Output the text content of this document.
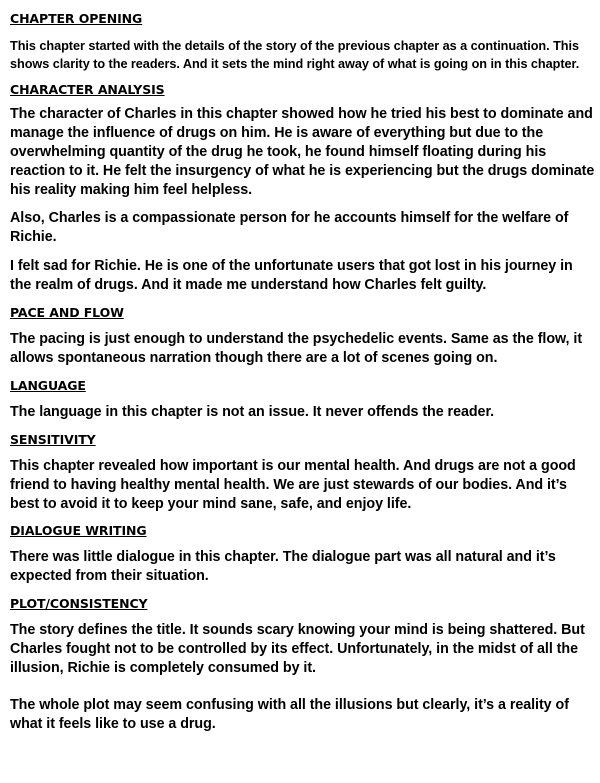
CHAPTER OPENING

This chapter started with the details of the story of the previous chapter as a continuation. This shows clarity to the readers. And it sets the mind right away of what is going on in this chapter.

CHARACTER ANALYSIS

The character of Charles in this chapter showed how he tried his best to dominate and manage the influence of drugs on him. He is aware of everything but due to the overwhelming quantity of the drug he took, he found himself floating during his reaction to it. He felt the insurgency of what he is experiencing but the drugs dominate his reality making him feel helpless.

Also, Charles is a compassionate person for he accounts himself for the welfare of Richie.

I felt sad for Richie. He is one of the unfortunate users that got lost in his journey in the realm of drugs. And it made me understand how Charles felt guilty.

PACE AND FLOW

The pacing is just enough to understand the psychedelic events. Same as the flow, it allows spontaneous narration though there are a lot of scenes going on.

LANGUAGE

The language in this chapter is not an issue. It never offends the reader.

SENSITIVITY

This chapter revealed how important is our mental health. And drugs are not a good friend to having healthy mental health. We are just stewards of our bodies. And it’s best to avoid it to keep your mind sane, safe, and enjoy life.

DIALOGUE WRITING

There was little dialogue in this chapter. The dialogue part was all natural and it’s expected from their situation.

PLOT/CONSISTENCY

The story defines the title. It sounds scary knowing your mind is being shattered. But Charles fought not to be controlled by its effect. Unfortunately, in the midst of all the illusion, Richie is completely consumed by it.

The whole plot may seem confusing with all the illusions but clearly, it’s a reality of what it feels like to use a drug.
